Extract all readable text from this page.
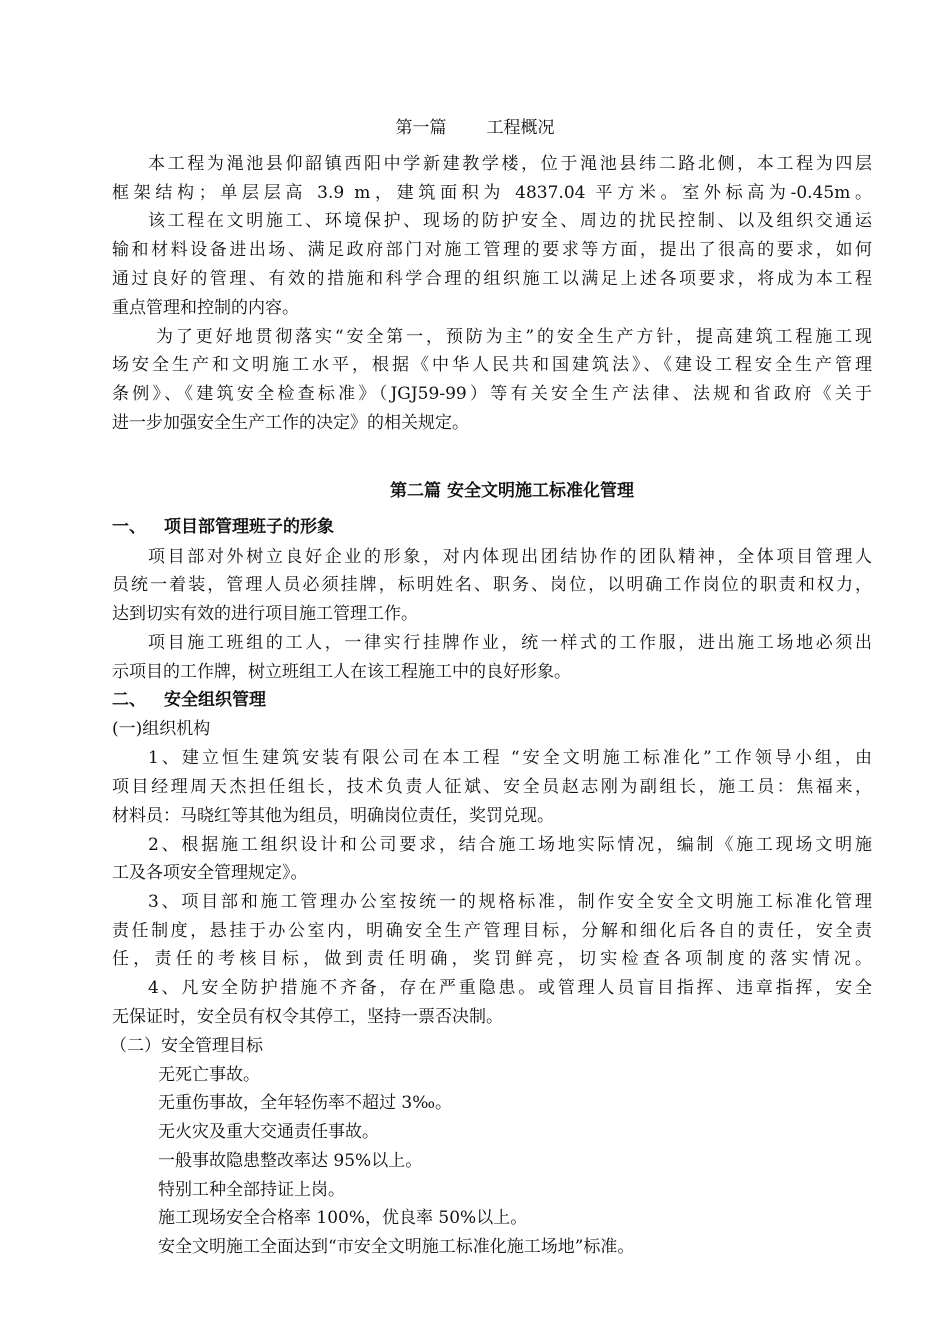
第一篇 工程概况
本工程为渑池县仰韶镇西阳中学新建教学楼，位于渑池县纬二路北侧，本工程为四层
框架结构；单层层高 3.9 m，建筑面积为 4837.04 平方米。室外标高为-0.45m。
该工程在文明施工、环境保护、现场的防护安全、周边的扰民控制、以及组织交通运
输和材料设备进出场、满足政府部门对施工管理的要求等方面，提出了很高的要求，如何
通过良好的管理、有效的措施和科学合理的组织施工以满足上述各项要求，将成为本工程
重点管理和控制的内容。
为了更好地贯彻落实“安全第一，预防为主”的安全生产方针，提高建筑工程施工现
场安全生产和文明施工水平，根据《中华人民共和国建筑法》、《建设工程安全生产管理
条例》、《建筑安全检查标准》（JGJ59-99）等有关安全生产法律、法规和省政府《关于
进一步加强安全生产工作的决定》的相关规定。
第二篇 安全文明施工标准化管理
一、 项目部管理班子的形象
项目部对外树立良好企业的形象，对内体现出团结协作的团队精神，全体项目管理人
员统一着装，管理人员必须挂牌，标明姓名、职务、岗位，以明确工作岗位的职责和权力，
达到切实有效的进行项目施工管理工作。
项目施工班组的工人，一律实行挂牌作业，统一样式的工作服，进出施工场地必须出
示项目的工作牌，树立班组工人在该工程施工中的良好形象。
二、 安全组织管理
(一)组织机构
1、建立恒生建筑安装有限公司在本工程 “安全文明施工标准化”工作领导小组，由
项目经理周天杰担任组长，技术负责人征斌、安全员赵志刚为副组长，施工员：焦福来，
材料员：马晓红等其他为组员，明确岗位责任，奖罚兑现。
2、根据施工组织设计和公司要求，结合施工场地实际情况，编制《施工现场文明施
工及各项安全管理规定》。
3、项目部和施工管理办公室按统一的规格标准，制作安全安全文明施工标准化管理
责任制度，悬挂于办公室内，明确安全生产管理目标，分解和细化后各自的责任，安全责
任，责任的考核目标，做到责任明确，奖罚鲜亮，切实检查各项制度的落实情况。
4、凡安全防护措施不齐备，存在严重隐患。或管理人员盲目指挥、违章指挥，安全
无保证时，安全员有权令其停工，坚持一票否决制。
（二）安全管理目标
无死亡事故。
无重伤事故，全年轻伤率不超过 3‰。
无火灾及重大交通责任事故。
一般事故隐患整改率达 95%以上。
特别工种全部持证上岗。
施工现场安全合格率 100%，优良率 50%以上。
安全文明施工全面达到“市安全文明施工标准化施工场地”标准。
